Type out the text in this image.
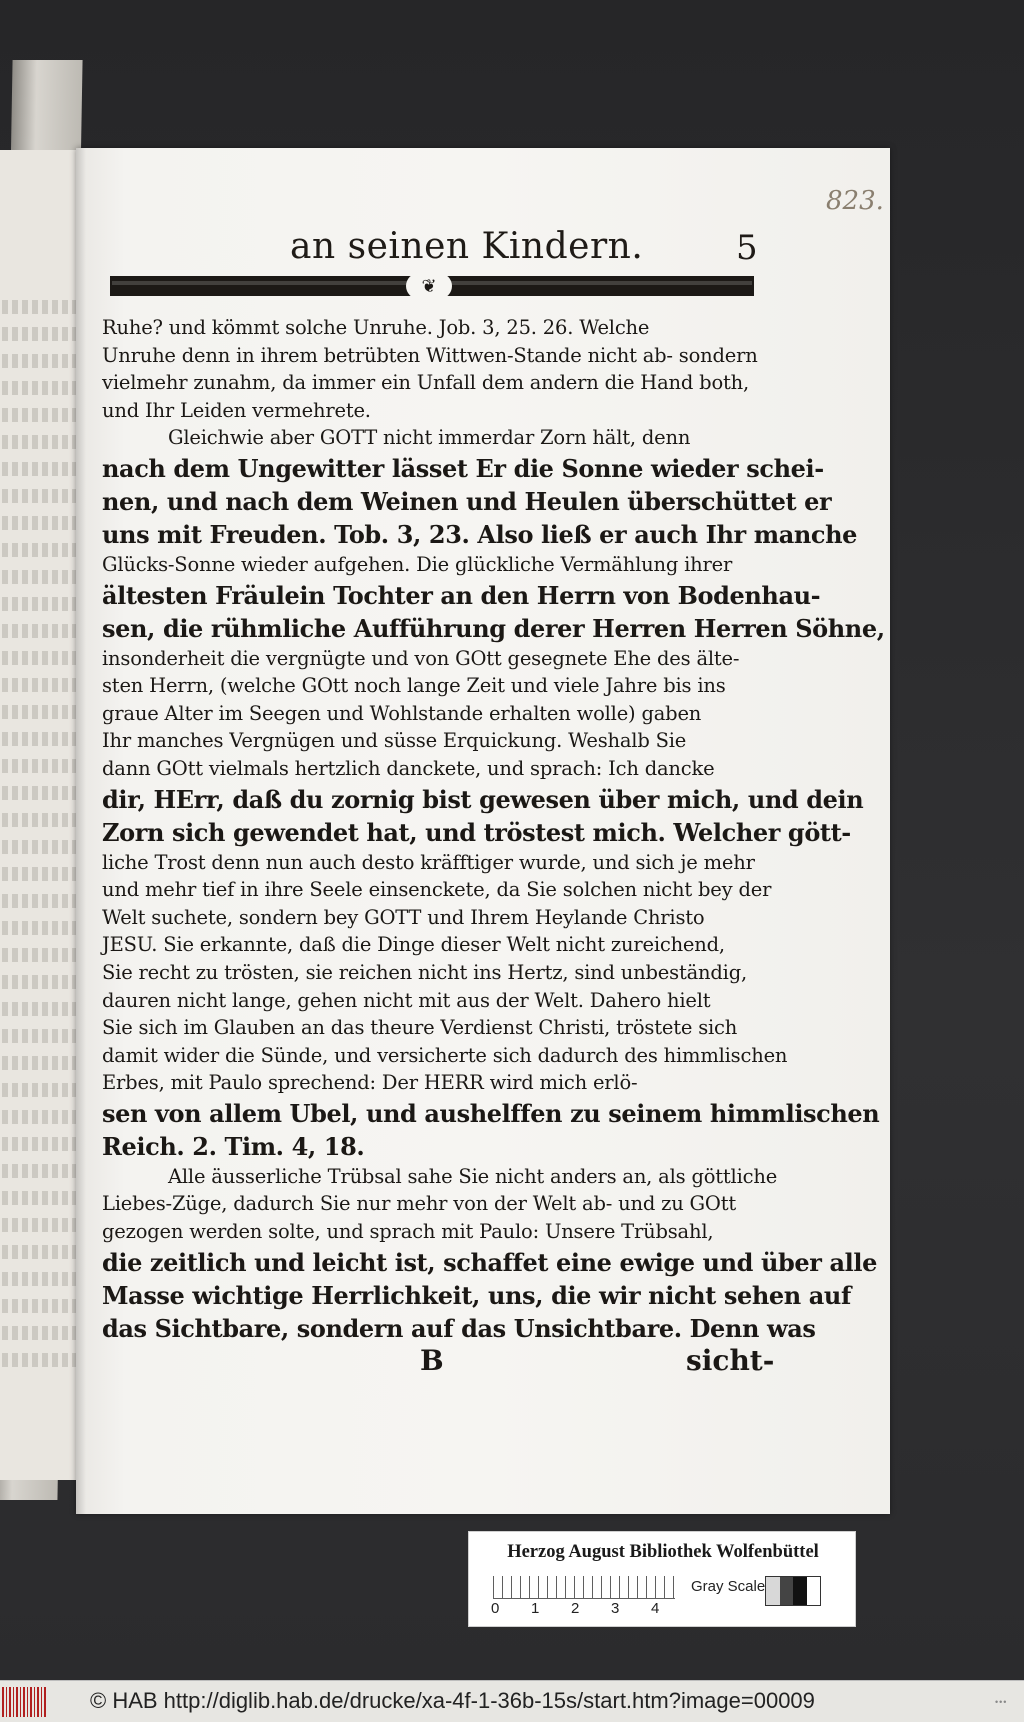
823.
an seinen Kindern.	5
❦
Ruhe? und kömmt solche Unruhe. Job. 3, 25. 26. Welche
Unruhe denn in ihrem betrübten Wittwen-Stande nicht ab- sondern
vielmehr zunahm, da immer ein Unfall dem andern die Hand both,
und Ihr Leiden vermehrete.
Gleichwie aber GOTT nicht immerdar Zorn hält, denn
nach dem Ungewitter lässet Er die Sonne wieder schei-
nen, und nach dem Weinen und Heulen überschüttet er
uns mit Freuden. Tob. 3, 23. Also ließ er auch Ihr manche
Glücks-Sonne wieder aufgehen. Die glückliche Vermählung ihrer
ältesten Fräulein Tochter an den Herrn von Bodenhau-
sen, die rühmliche Aufführung derer Herren Herren Söhne,
insonderheit die vergnügte und von GOtt gesegnete Ehe des älte-
sten Herrn, (welche GOtt noch lange Zeit und viele Jahre bis ins
graue Alter im Seegen und Wohlstande erhalten wolle) gaben
Ihr manches Vergnügen und süsse Erquickung. Weshalb Sie
dann GOtt vielmals hertzlich danckete, und sprach: Ich dancke
dir, HErr, daß du zornig bist gewesen über mich, und dein
Zorn sich gewendet hat, und tröstest mich. Welcher gött-
liche Trost denn nun auch desto kräfftiger wurde, und sich je mehr
und mehr tief in ihre Seele einsenckete, da Sie solchen nicht bey der
Welt suchete, sondern bey GOTT und Ihrem Heylande Christo
JESU. Sie erkannte, daß die Dinge dieser Welt nicht zureichend,
Sie recht zu trösten, sie reichen nicht ins Hertz, sind unbeständig,
dauren nicht lange, gehen nicht mit aus der Welt. Dahero hielt
Sie sich im Glauben an das theure Verdienst Christi, tröstete sich
damit wider die Sünde, und versicherte sich dadurch des himmlischen
Erbes, mit Paulo sprechend: Der HERR wird mich erlö-
sen von allem Ubel, und aushelffen zu seinem himmlischen
Reich. 2. Tim. 4, 18.
Alle äusserliche Trübsal sahe Sie nicht anders an, als göttliche
Liebes-Züge, dadurch Sie nur mehr von der Welt ab- und zu GOtt
gezogen werden solte, und sprach mit Paulo: Unsere Trübsahl,
die zeitlich und leicht ist, schaffet eine ewige und über alle
Masse wichtige Herrlichkeit, uns, die wir nicht sehen auf
das Sichtbare, sondern auf das Unsichtbare. Denn was
B	sicht-
Herzog August Bibliothek Wolfenbüttel
0	1	2	3	4
Gray Scale
© HAB http://diglib.hab.de/drucke/xa-4f-1-36b-15s/start.htm?image=00009	•••
